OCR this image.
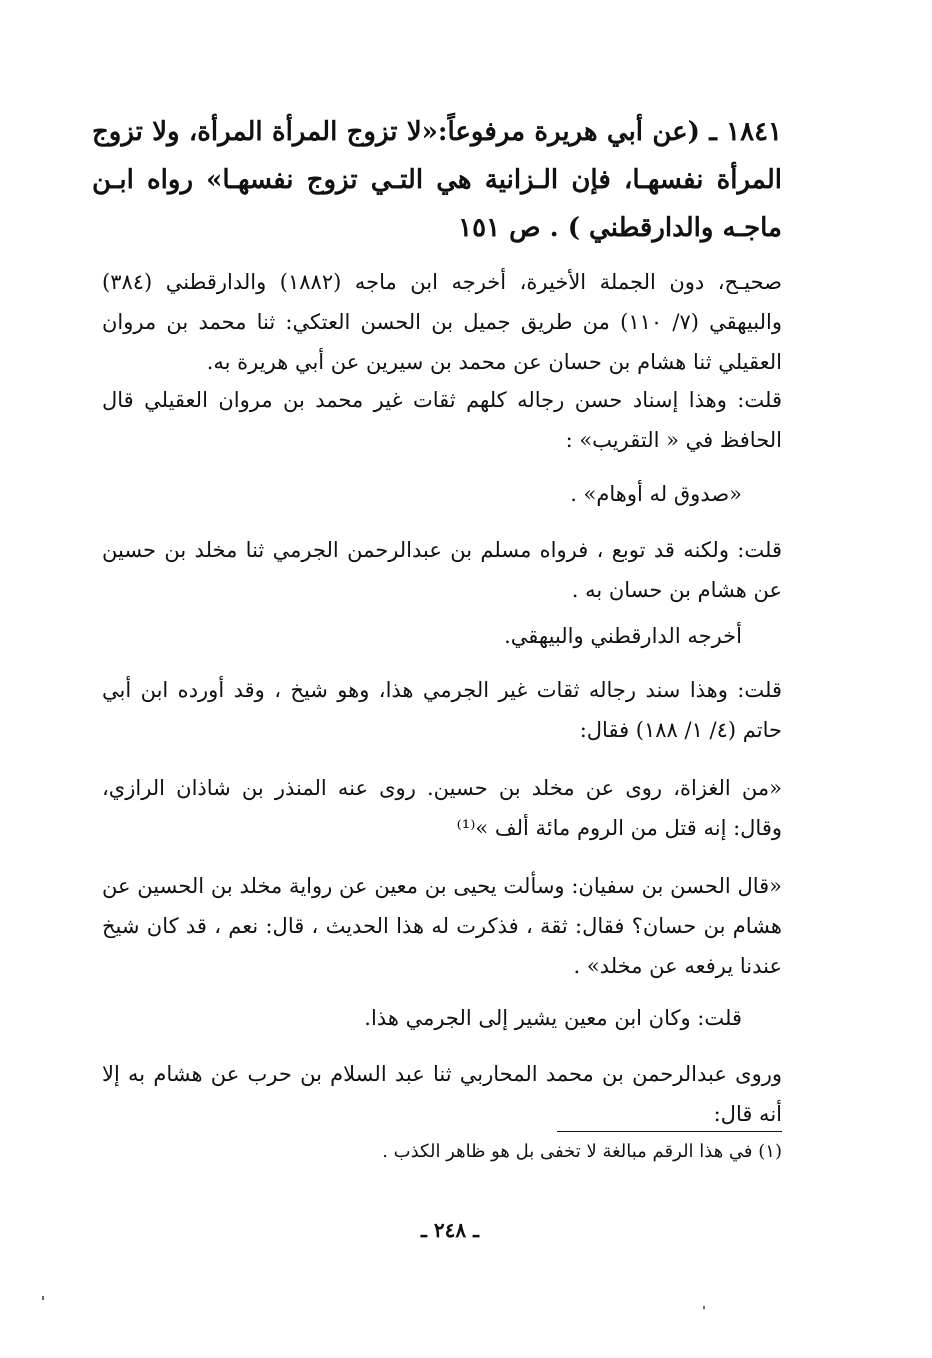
١٨٤١ ـ (عن أبي هريرة مرفوعاً:«لا تزوج المرأة المرأة، ولا تزوج المرأة نفسهـا، فإن الـزانية هي التـي تزوج نفسهـا» رواه ابـن ماجـه والدارقطني ) . ص ١٥١
صحيـح، دون الجملة الأخيرة، أخرجه ابن ماجه (١٨٨٢) والدارقطني (٣٨٤) والبيهقي (٧/ ١١٠) من طريق جميل بن الحسن العتكي: ثنا محمد بن مروان العقيلي ثنا هشام بن حسان عن محمد بن سيرين عن أبي هريرة به.
قلت: وهذا إسناد حسن رجاله كلهم ثقات غير محمد بن مروان العقيلي قال الحافظ في « التقريب» :
«صدوق له أوهام» .
قلت: ولكنه قد توبع ، فرواه مسلم بن عبدالرحمن الجرمي ثنا مخلد بن حسين عن هشام بن حسان به .
أخرجه الدارقطني والبيهقي.
قلت: وهذا سند رجاله ثقات غير الجرمي هذا، وهو شيخ ، وقد أورده ابن أبي حاتم (٤/ ١/ ١٨٨) فقال:
«من الغزاة، روى عن مخلد بن حسين. روى عنه المنذر بن شاذان الرازي، وقال: إنه قتل من الروم مائة ألف »⁽¹⁾
«قال الحسن بن سفيان: وسألت يحيى بن معين عن رواية مخلد بن الحسين عن هشام بن حسان؟ فقال: ثقة ، فذكرت له هذا الحديث ، قال: نعم ، قد كان شيخ عندنا يرفعه عن مخلد» .
قلت: وكان ابن معين يشير إلى الجرمي هذا.
وروى عبدالرحمن بن محمد المحاربي ثنا عبد السلام بن حرب عن هشام به إلا أنه قال:
(١) في هذا الرقم مبالغة لا تخفى بل هو ظاهر الكذب .
ـ ٢٤٨ ـ
